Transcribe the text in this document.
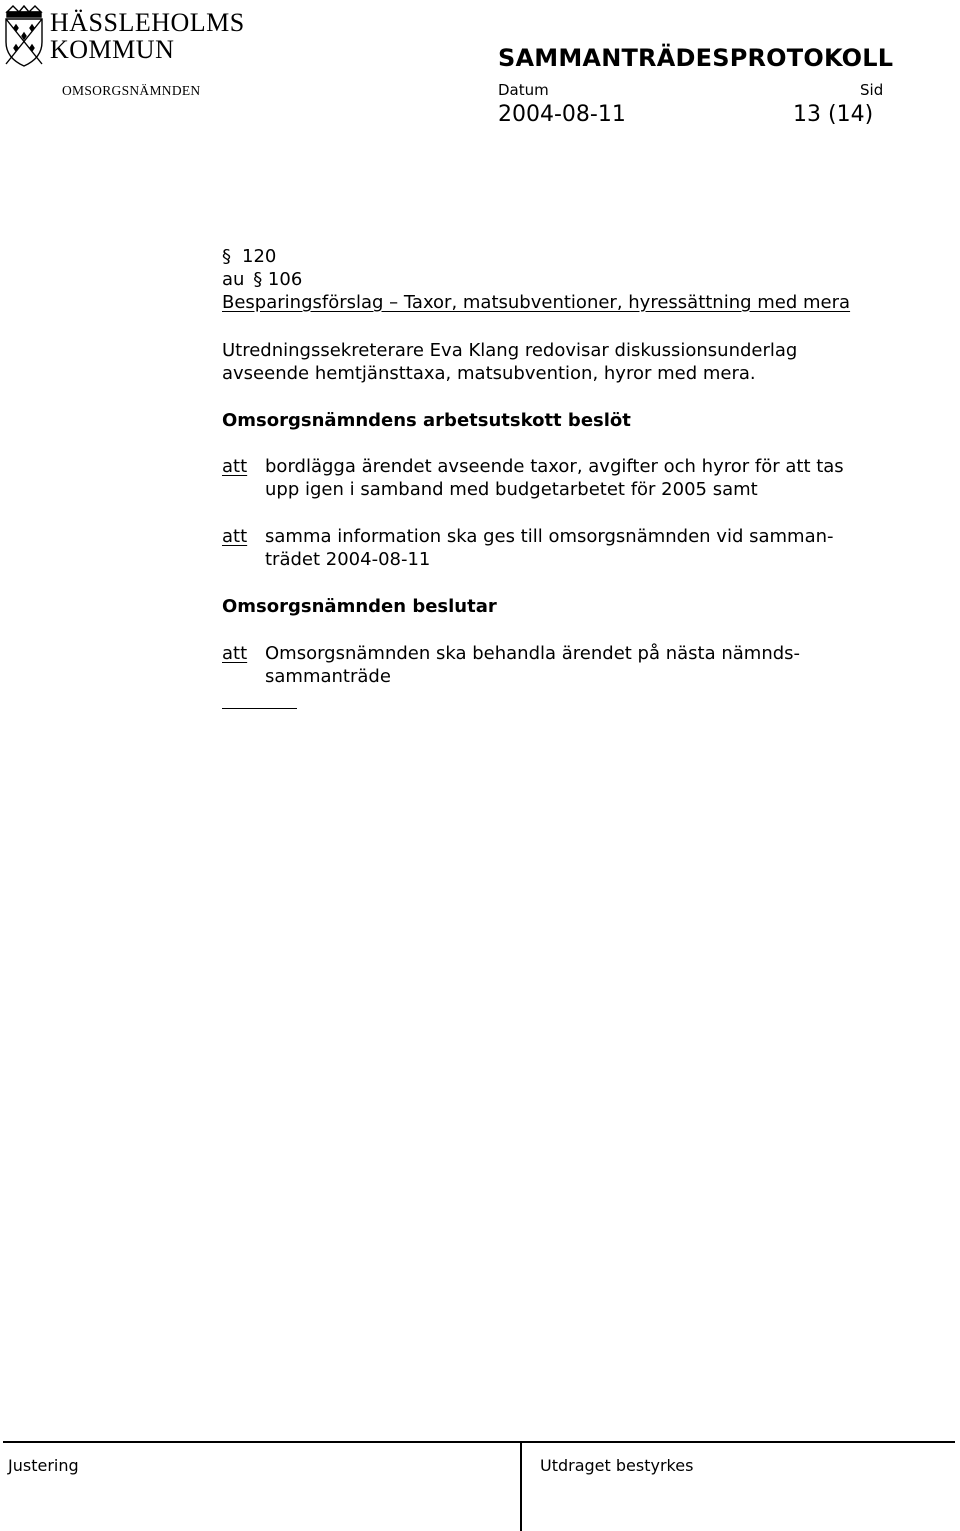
HÄSSLEHOLMS
KOMMUN
OMSORGSNÄMNDEN
SAMMANTRÄDESPROTOKOLL
Datum	Sid
2004-08-11	13 (14)
§ 120
au § 106
Besparingsförslag – Taxor, matsubventioner, hyressättning med mera
Utredningssekreterare Eva Klang redovisar diskussionsunderlag
avseende hemtjänsttaxa, matsubvention, hyror med mera.
Omsorgsnämndens arbetsutskott beslöt
att bordlägga ärendet avseende taxor, avgifter och hyror för att tas
upp igen i samband med budgetarbetet för 2005 samt
att samma information ska ges till omsorgsnämnden vid samman-
trädet 2004-08-11
Omsorgsnämnden beslutar
att Omsorgsnämnden ska behandla ärendet på nästa nämnds-
sammanträde
Justering	Utdraget bestyrkes
